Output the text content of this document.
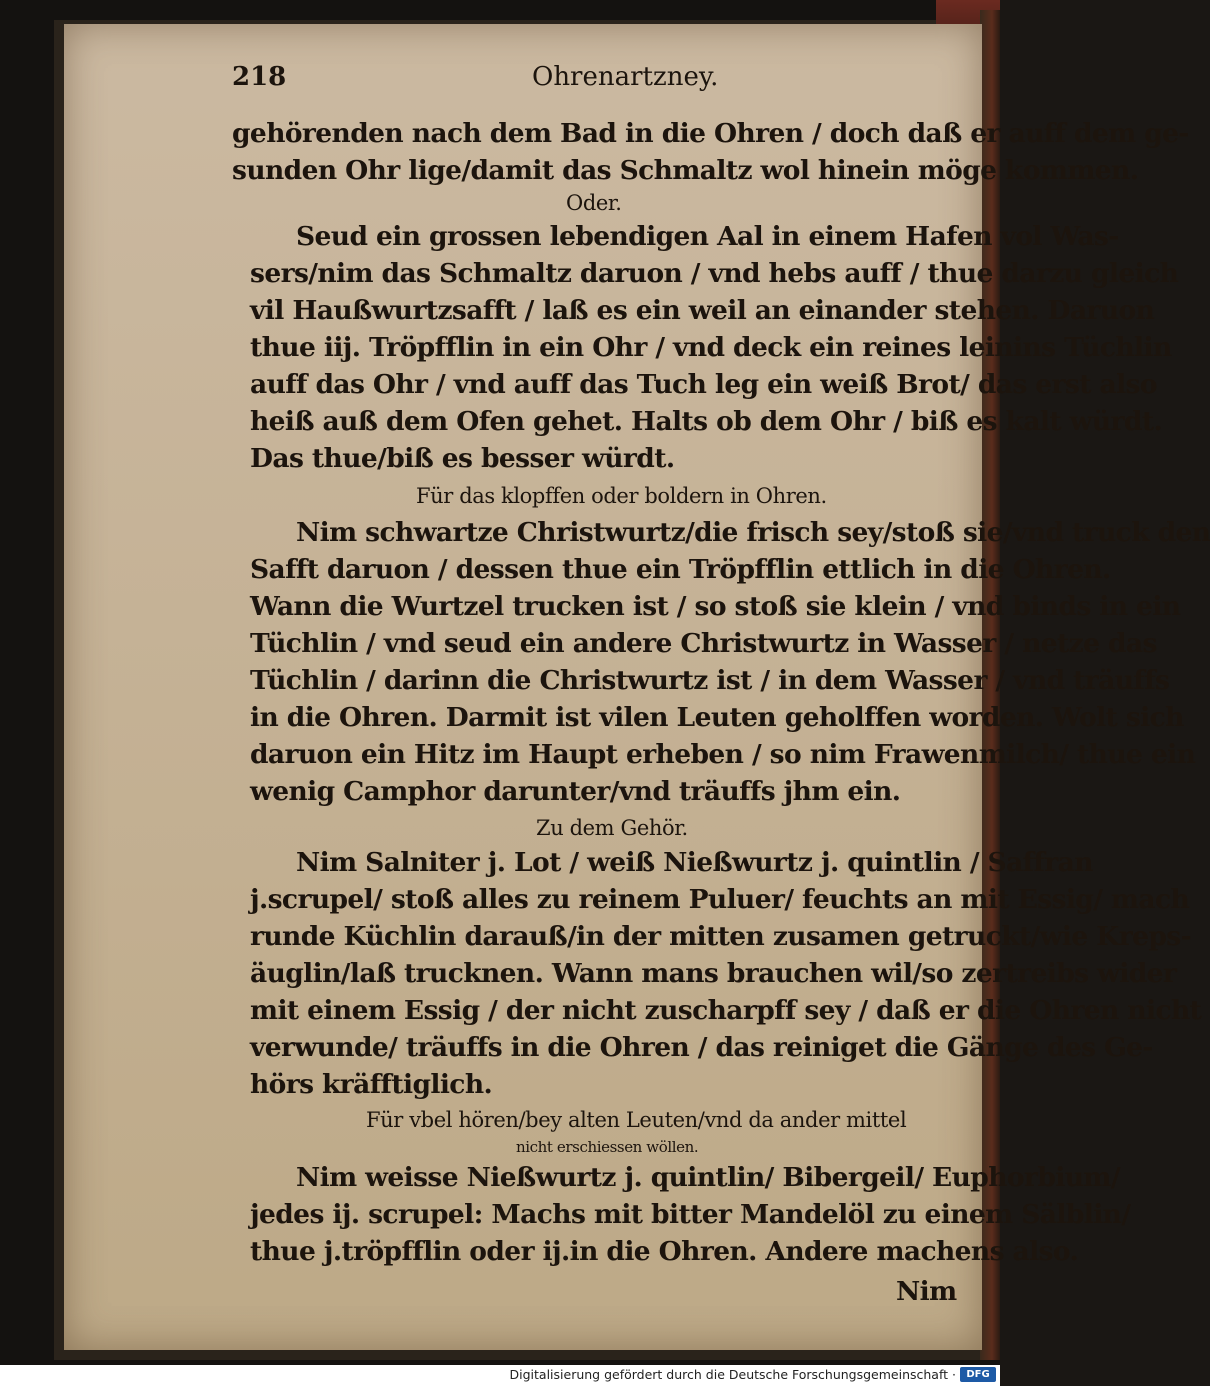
218	Ohrenartzney.
gehörenden nach dem Bad in die Ohren / doch daß er auff dem ge-
sunden Ohr lige/damit das Schmaltz wol hinein möge kommen.
Oder.
Seud ein grossen lebendigen Aal in einem Hafen vol Was-
sers/nim das Schmaltz daruon / vnd hebs auff / thue darzu gleich
vil Haußwurtzsafft / laß es ein weil an einander stehen. Daruon
thue iij. Tröpfflin in ein Ohr / vnd deck ein reines leinins Tüchlin
auff das Ohr / vnd auff das Tuch leg ein weiß Brot/ das erst also
heiß auß dem Ofen gehet. Halts ob dem Ohr / biß es kalt würdt.
Das thue/biß es besser würdt.
Für das klopffen oder boldern in Ohren.
Nim schwartze Christwurtz/die frisch sey/stoß sie/vnd truck den
Safft daruon / dessen thue ein Tröpfflin ettlich in die Ohren.
Wann die Wurtzel trucken ist / so stoß sie klein / vnd binds in ein
Tüchlin / vnd seud ein andere Christwurtz in Wasser / netze das
Tüchlin / darinn die Christwurtz ist / in dem Wasser / vnd träuffs
in die Ohren. Darmit ist vilen Leuten geholffen worden. Wolt sich
daruon ein Hitz im Haupt erheben / so nim Frawenmilch/ thue ein
wenig Camphor darunter/vnd träuffs jhm ein.
Zu dem Gehör.
Nim Salniter j. Lot / weiß Nießwurtz j. quintlin / Saffran
j.scrupel/ stoß alles zu reinem Puluer/ feuchts an mit Essig/ mach
runde Küchlin darauß/in der mitten zusamen getruckt/wie Kreps-
äuglin/laß trucknen. Wann mans brauchen wil/so zertreibs wider
mit einem Essig / der nicht zuscharpff sey / daß er die Ohren nicht
verwunde/ träuffs in die Ohren / das reiniget die Gänge des Ge-
hörs kräfftiglich.
Für vbel hören/bey alten Leuten/vnd da ander mittel
nicht erschiessen wöllen.
Nim weisse Nießwurtz j. quintlin/ Bibergeil/ Euphorbium/
jedes ij. scrupel: Machs mit bitter Mandelöl zu einem Sälblin/
thue j.tröpfflin oder ij.in die Ohren. Andere machens also.
Nim
Digitalisierung gefördert durch die Deutsche Forschungsgemeinschaft ·	DFG
